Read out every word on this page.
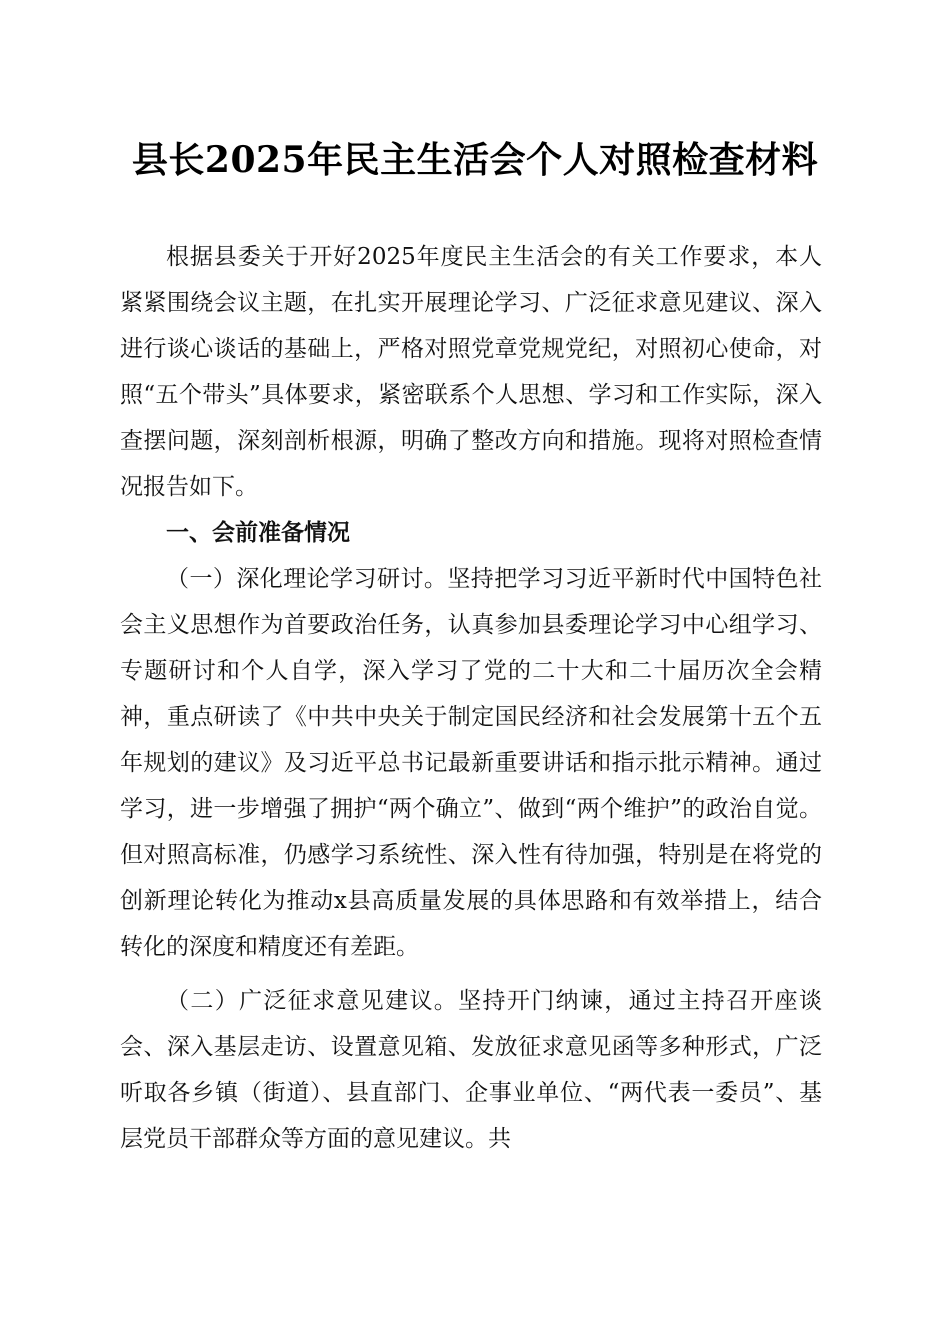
县长2025年民主生活会个人对照检查材料

根据县委关于开好2025年度民主生活会的有关工作要求，本人紧紧围绕会议主题，在扎实开展理论学习、广泛征求意见建议、深入进行谈心谈话的基础上，严格对照党章党规党纪，对照初心使命，对照“五个带头”具体要求，紧密联系个人思想、学习和工作实际，深入查摆问题，深刻剖析根源，明确了整改方向和措施。现将对照检查情况报告如下。

一、会前准备情况

（一）深化理论学习研讨。坚持把学习习近平新时代中国特色社会主义思想作为首要政治任务，认真参加县委理论学习中心组学习、专题研讨和个人自学，深入学习了党的二十大和二十届历次全会精神，重点研读了《中共中央关于制定国民经济和社会发展第十五个五年规划的建议》及习近平总书记最新重要讲话和指示批示精神。通过学习，进一步增强了拥护“两个确立”、做到“两个维护”的政治自觉。但对照高标准，仍感学习系统性、深入性有待加强，特别是在将党的创新理论转化为推动x县高质量发展的具体思路和有效举措上，结合转化的深度和精度还有差距。

（二）广泛征求意见建议。坚持开门纳谏，通过主持召开座谈会、深入基层走访、设置意见箱、发放征求意见函等多种形式，广泛听取各乡镇（街道）、县直部门、企事业单位、“两代表一委员”、基层党员干部群众等方面的意见建议。共
